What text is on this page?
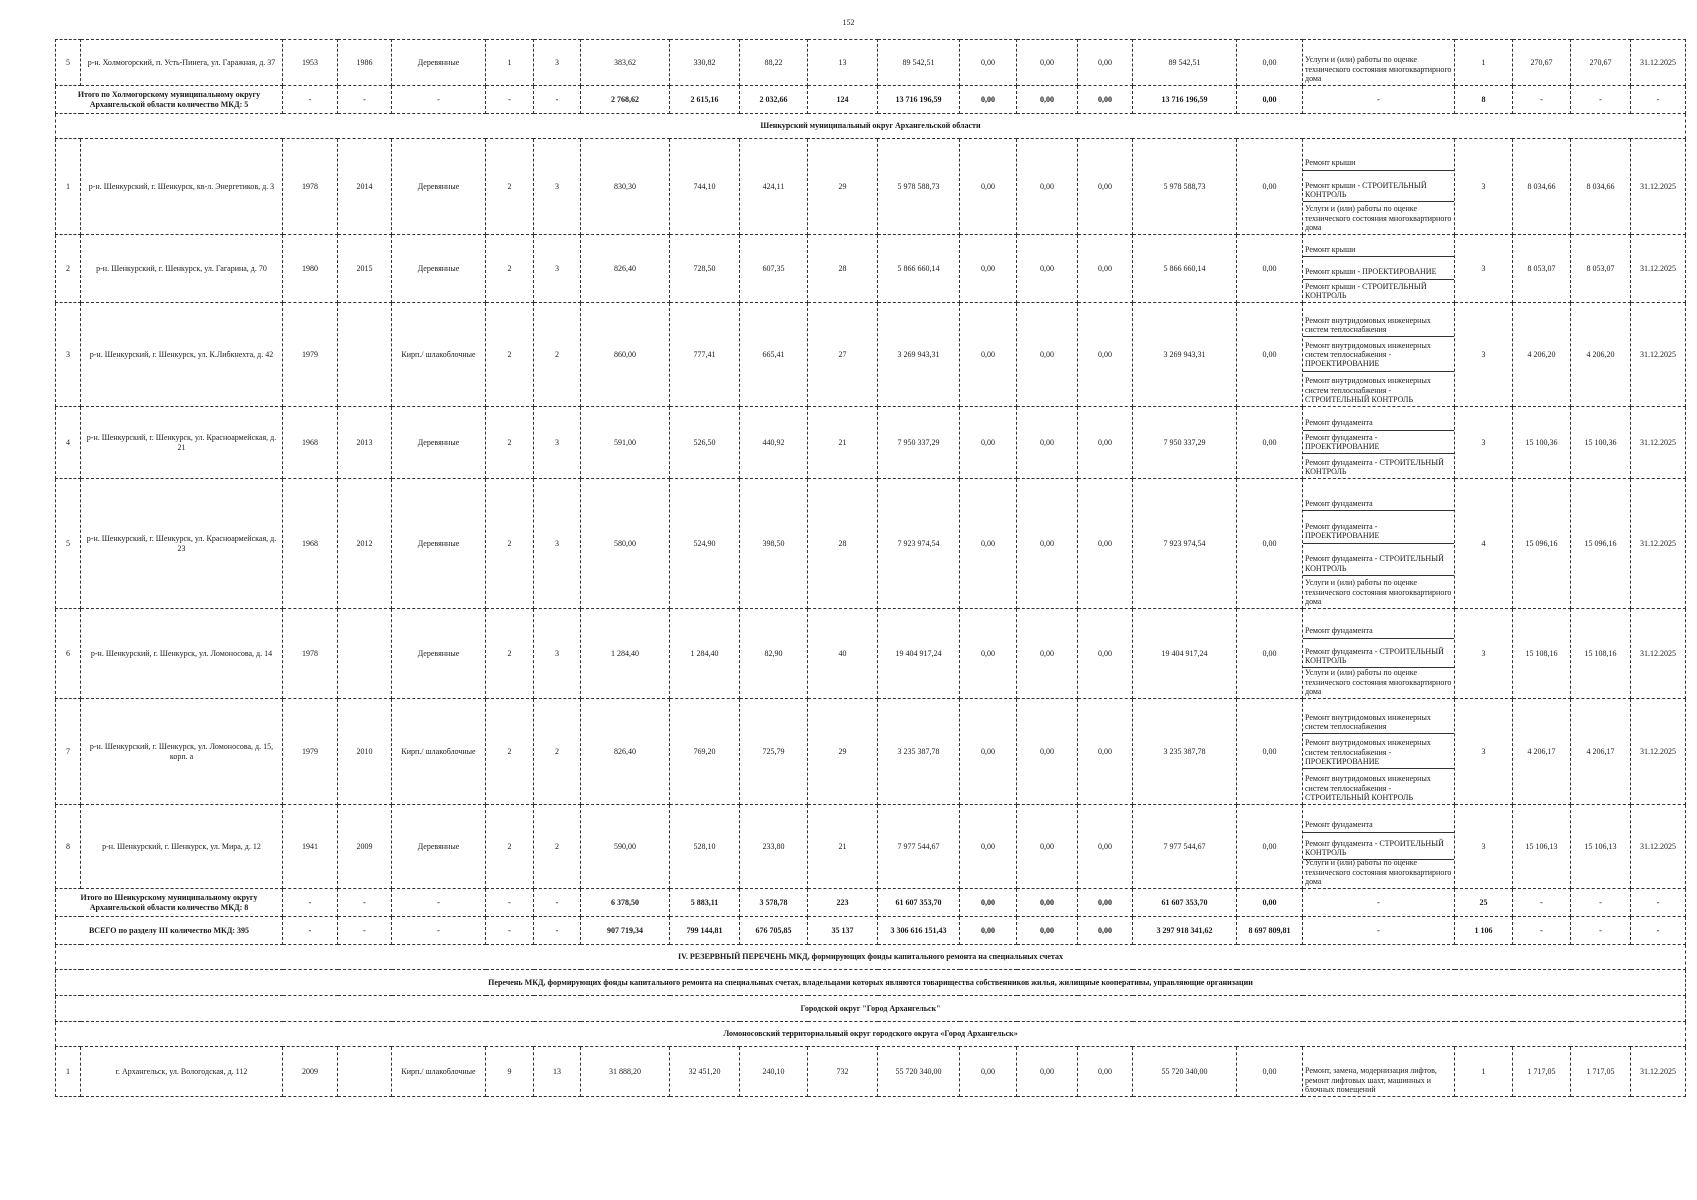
152
5	р-н. Холмогорский, п. Усть-Пинега, ул. Гаражная, д. 37	1953	1986	Деревянные	1	3	383,62	330,82	88,22	13	89 542,51	0,00	0,00	0,00	89 542,51	0,00	Услуги и (или) работы по оценке технического состояния многоквартирного дома	1	270,67	270,67	31.12.2025
Итого по Холмогорскому муниципальному округу Архангельской области количество МКД: 5		-	-	-	-	-	2 768,62	2 615,16	2 032,66	124	13 716 196,59	0,00	0,00	0,00	13 716 196,59	0,00	-	8	-	-	-
Шенкурский муниципальный округ Архангельской области																					
1	р-н. Шенкурский, г. Шенкурск, кв-л. Энергетиков, д. 3	1978	2014	Деревянные	2	3	830,30	744,10	424,11	29	5 978 588,73	0,00	0,00	0,00	5 978 588,73	0,00	Ремонт крыши
Ремонт крыши - СТРОИТЕЛЬНЫЙ КОНТРОЛЬ
Услуги и (или) работы по оценке технического состояния многоквартирного дома	3	8 034,66	8 034,66	31.12.2025
2	р-н. Шенкурский, г. Шенкурск, ул. Гагарина, д. 70	1980	2015	Деревянные	2	3	826,40	728,50	607,35	28	5 866 660,14	0,00	0,00	0,00	5 866 660,14	0,00	Ремонт крыши
Ремонт крыши - ПРОЕКТИРОВАНИЕ
Ремонт крыши - СТРОИТЕЛЬНЫЙ КОНТРОЛЬ	3	8 053,07	8 053,07	31.12.2025
3	р-н. Шенкурский, г. Шенкурск, ул. К.Либкнехта, д. 42	1979		Кирп./ шлакоблочные	2	2	860,00	777,41	665,41	27	3 269 943,31	0,00	0,00	0,00	3 269 943,31	0,00	Ремонт внутридомовых инженерных систем теплоснабжения
Ремонт внутридомовых инженерных систем теплоснабжения - ПРОЕКТИРОВАНИЕ
Ремонт внутридомовых инженерных систем теплоснабжения - СТРОИТЕЛЬНЫЙ КОНТРОЛЬ	3	4 206,20	4 206,20	31.12.2025
4	р-н. Шенкурский, г. Шенкурск, ул. Красноармейская, д. 21	1968	2013	Деревянные	2	3	591,00	526,50	440,92	21	7 950 337,29	0,00	0,00	0,00	7 950 337,29	0,00	Ремонт фундамента
Ремонт фундамента - ПРОЕКТИРОВАНИЕ
Ремонт фундамента - СТРОИТЕЛЬНЫЙ КОНТРОЛЬ	3	15 100,36	15 100,36	31.12.2025
5	р-н. Шенкурский, г. Шенкурск, ул. Красноармейская, д. 23	1968	2012	Деревянные	2	3	580,00	524,90	398,50	28	7 923 974,54	0,00	0,00	0,00	7 923 974,54	0,00	Ремонт фундамента
Ремонт фундамента - ПРОЕКТИРОВАНИЕ
Ремонт фундамента - СТРОИТЕЛЬНЫЙ КОНТРОЛЬ
Услуги и (или) работы по оценке технического состояния многоквартирного дома	4	15 096,16	15 096,16	31.12.2025
6	р-н. Шенкурский, г. Шенкурск, ул. Ломоносова, д. 14	1978		Деревянные	2	3	1 284,40	1 284,40	82,90	40	19 404 917,24	0,00	0,00	0,00	19 404 917,24	0,00	Ремонт фундамента
Ремонт фундамента - СТРОИТЕЛЬНЫЙ КОНТРОЛЬ
Услуги и (или) работы по оценке технического состояния многоквартирного дома	3	15 108,16	15 108,16	31.12.2025
7	р-н. Шенкурский, г. Шенкурск, ул. Ломоносова, д. 15, корп. а	1979	2010	Кирп./ шлакоблочные	2	2	826,40	769,20	725,79	29	3 235 387,78	0,00	0,00	0,00	3 235 387,78	0,00	Ремонт внутридомовых инженерных систем теплоснабжения
Ремонт внутридомовых инженерных систем теплоснабжения - ПРОЕКТИРОВАНИЕ
Ремонт внутридомовых инженерных систем теплоснабжения - СТРОИТЕЛЬНЫЙ КОНТРОЛЬ	3	4 206,17	4 206,17	31.12.2025
8	р-н. Шенкурский, г. Шенкурск, ул. Мира, д. 12	1941	2009	Деревянные	2	2	590,00	528,10	233,80	21	7 977 544,67	0,00	0,00	0,00	7 977 544,67	0,00	Ремонт фундамента
Ремонт фундамента - СТРОИТЕЛЬНЫЙ КОНТРОЛЬ
Услуги и (или) работы по оценке технического состояния многоквартирного дома	3	15 106,13	15 106,13	31.12.2025
Итого по Шенкурскому муниципальному округу Архангельской области количество МКД: 8		-	-	-	-	-	6 378,50	5 883,11	3 578,78	223	61 607 353,70	0,00	0,00	0,00	61 607 353,70	0,00	-	25	-	-	-
ВСЕГО по разделу III количество МКД: 395		-	-	-	-	-	907 719,34	799 144,81	676 705,85	35 137	3 306 616 151,43	0,00	0,00	0,00	3 297 918 341,62	8 697 809,81	-	1 106	-	-	-
IV. РЕЗЕРВНЫЙ ПЕРЕЧЕНЬ МКД, формирующих фонды капитального ремонта на специальных счетах																					
Перечень МКД, формирующих фонды капитального ремонта на специальных счетах, владельцами которых являются товарищества собственников жилья, жилищные кооперативы, управляющие организации																					
Городской округ "Город Архангельск"																					
Ломоносовский территориальный округ городского округа «Город Архангельск»																					
1	г. Архангельск, ул. Вологодская, д. 112	2009		Кирп./ шлакоблочные	9	13	31 888,20	32 451,20	240,10	732	55 720 340,00	0,00	0,00	0,00	55 720 340,00	0,00	Ремонт, замена, модернизация лифтов, ремонт лифтовых шахт, машинных и блочных помещений	1	1 717,05	1 717,05	31.12.2025
